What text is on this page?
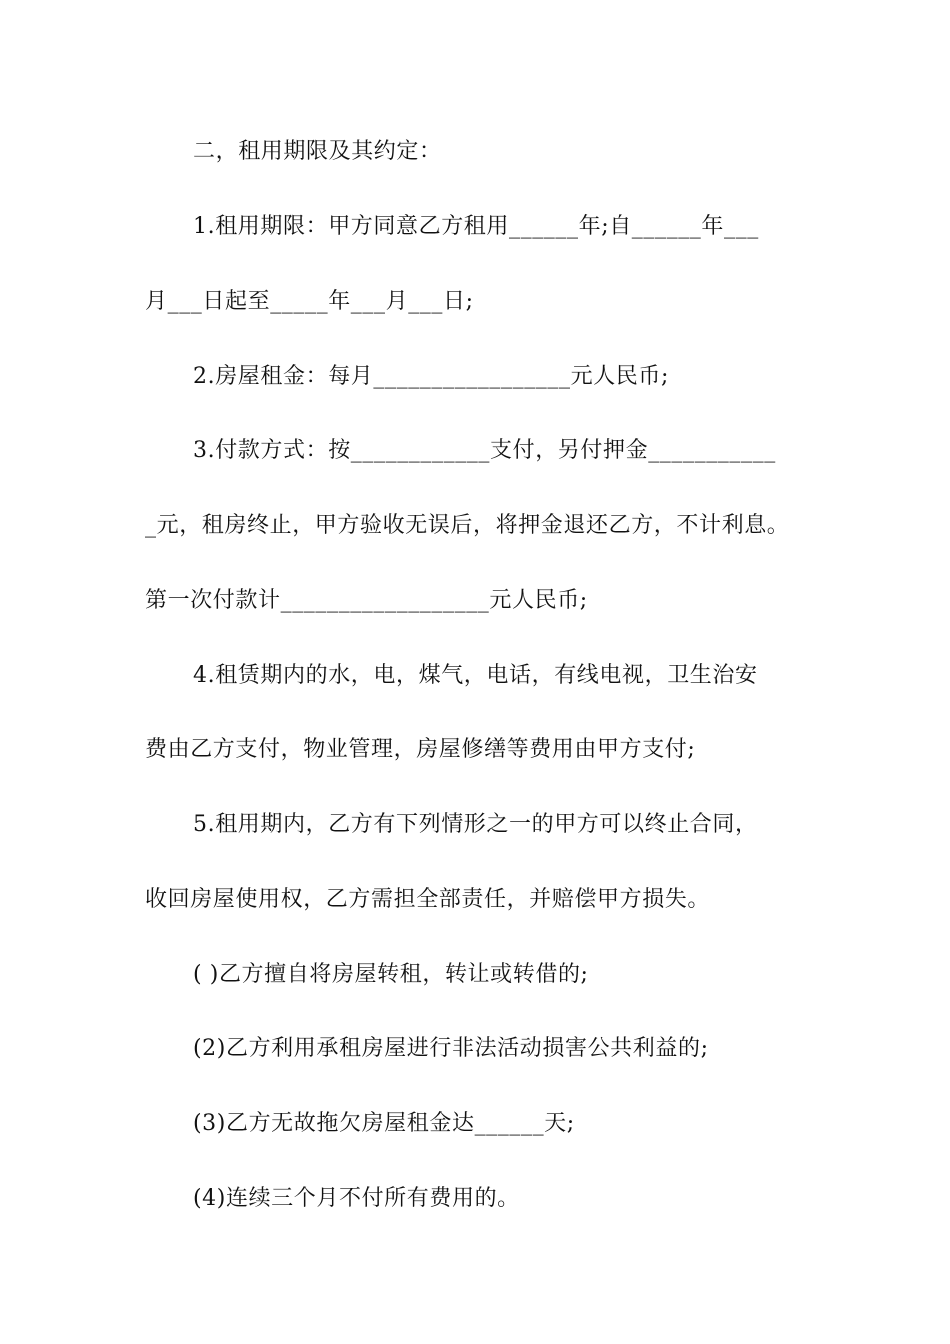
二，租用期限及其约定：
1.租用期限：甲方同意乙方租用______年;自______年___
月___日起至_____年___月___日;
2.房屋租金：每月_________________元人民币;
3.付款方式：按____________支付，另付押金___________
_元，租房终止，甲方验收无误后，将押金退还乙方，不计利息。
第一次付款计__________________元人民币;
4.租赁期内的水，电，煤气，电话，有线电视，卫生治安
费由乙方支付，物业管理，房屋修缮等费用由甲方支付;
5.租用期内，乙方有下列情形之一的甲方可以终止合同，
收回房屋使用权，乙方需担全部责任，并赔偿甲方损失。
( )乙方擅自将房屋转租，转让或转借的;
(2)乙方利用承租房屋进行非法活动损害公共利益的;
(3)乙方无故拖欠房屋租金达______天;
(4)连续三个月不付所有费用的。
